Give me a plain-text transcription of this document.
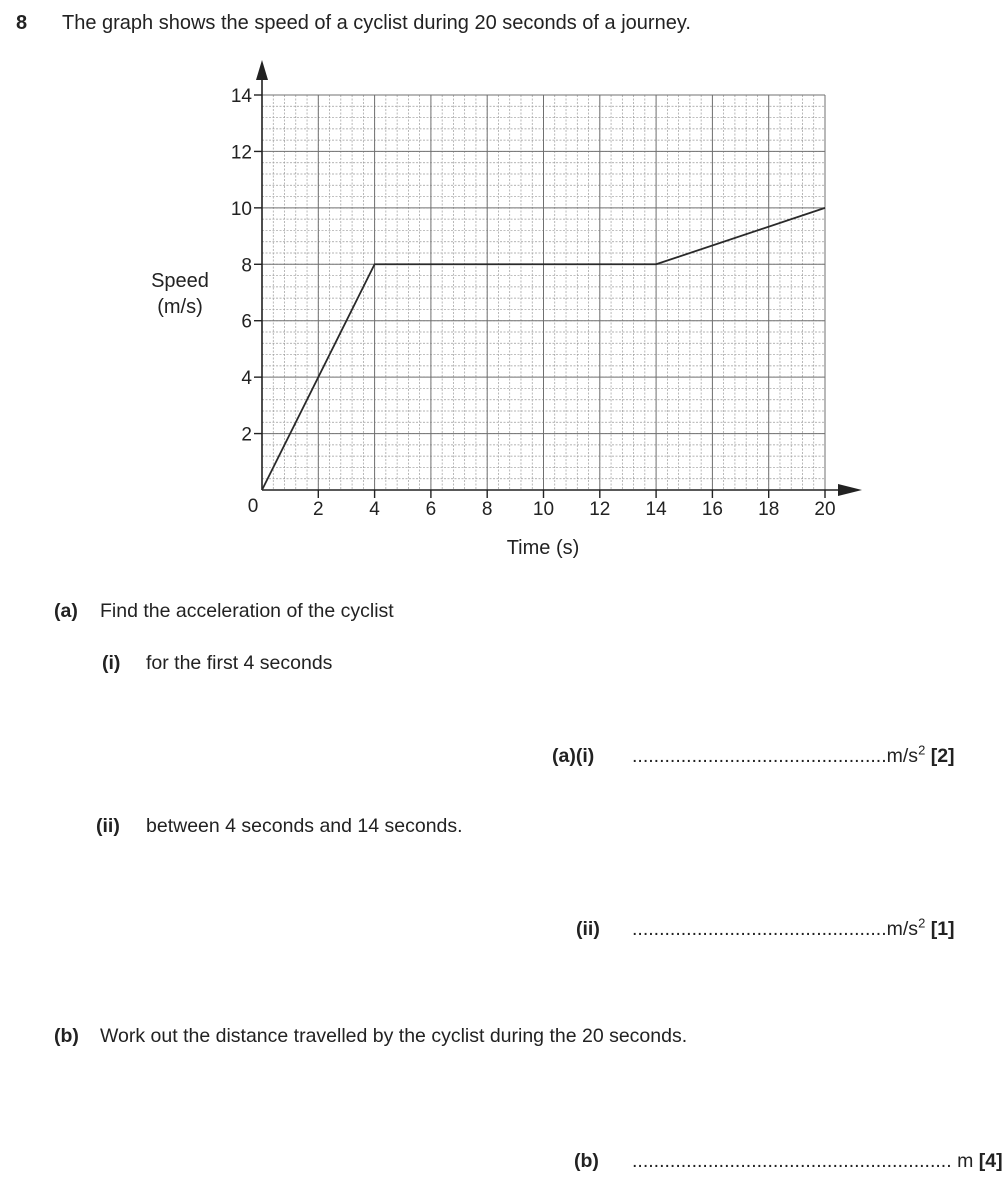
8 The graph shows the speed of a cyclist during 20 seconds of a journey.
2
4
6
8
10
12
14
2 4 6 8 10 12 14 16 18 20
0
Speed
(m/s)
Time (s)
(a) Find the acceleration of the cyclist
(i) for the first 4 seconds
(a)(i) $...............................................m/s^2$ [2]
(ii) between 4 seconds and 14 seconds.
(ii) $...............................................m/s^2$ [1]
(b) Work out the distance travelled by the cyclist during the 20 seconds.
(b) ........................................................... m [4]
